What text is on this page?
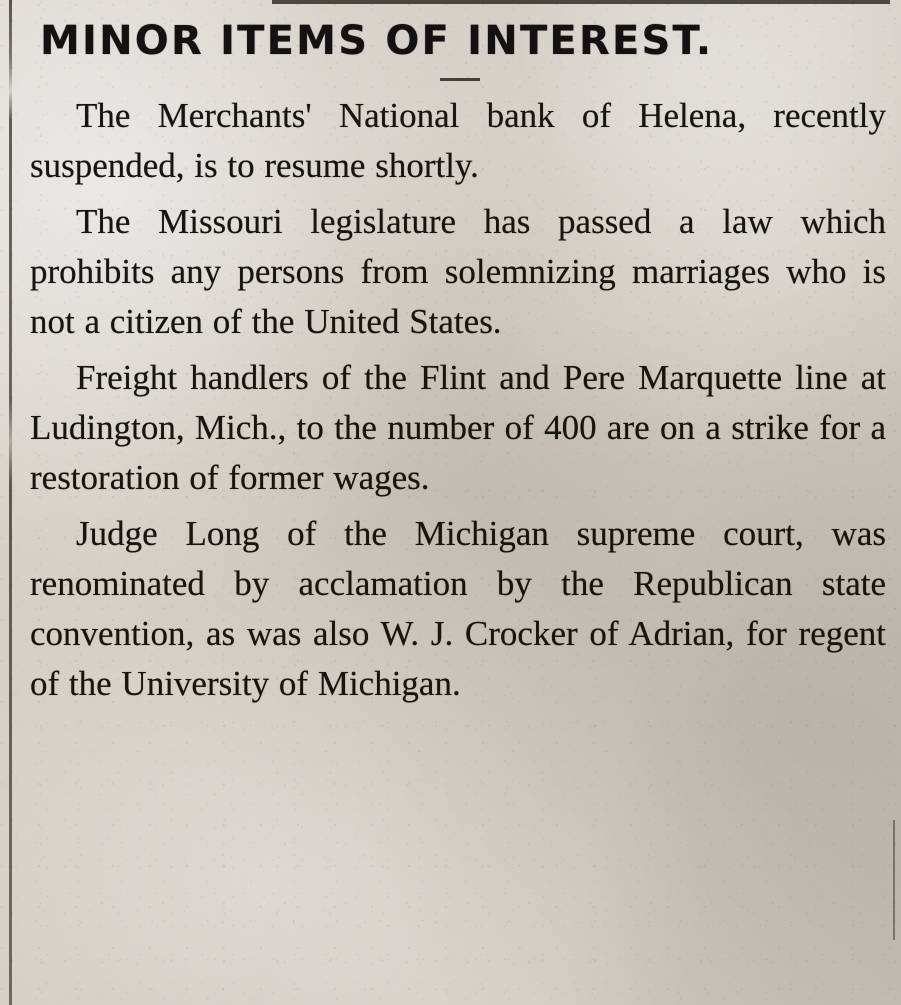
MINOR ITEMS OF INTEREST.

The Merchants' National bank of Helena, recently suspended, is to resume shortly.

The Missouri legislature has passed a law which prohibits any persons from solemnizing marriages who is not a citizen of the United States.

Freight handlers of the Flint and Pere Marquette line at Ludington, Mich., to the number of 400 are on a strike for a restoration of former wages.

Judge Long of the Michigan supreme court, was renominated by acclamation by the Republican state convention, as was also W. J. Crocker of Adrian, for regent of the University of Michigan.
